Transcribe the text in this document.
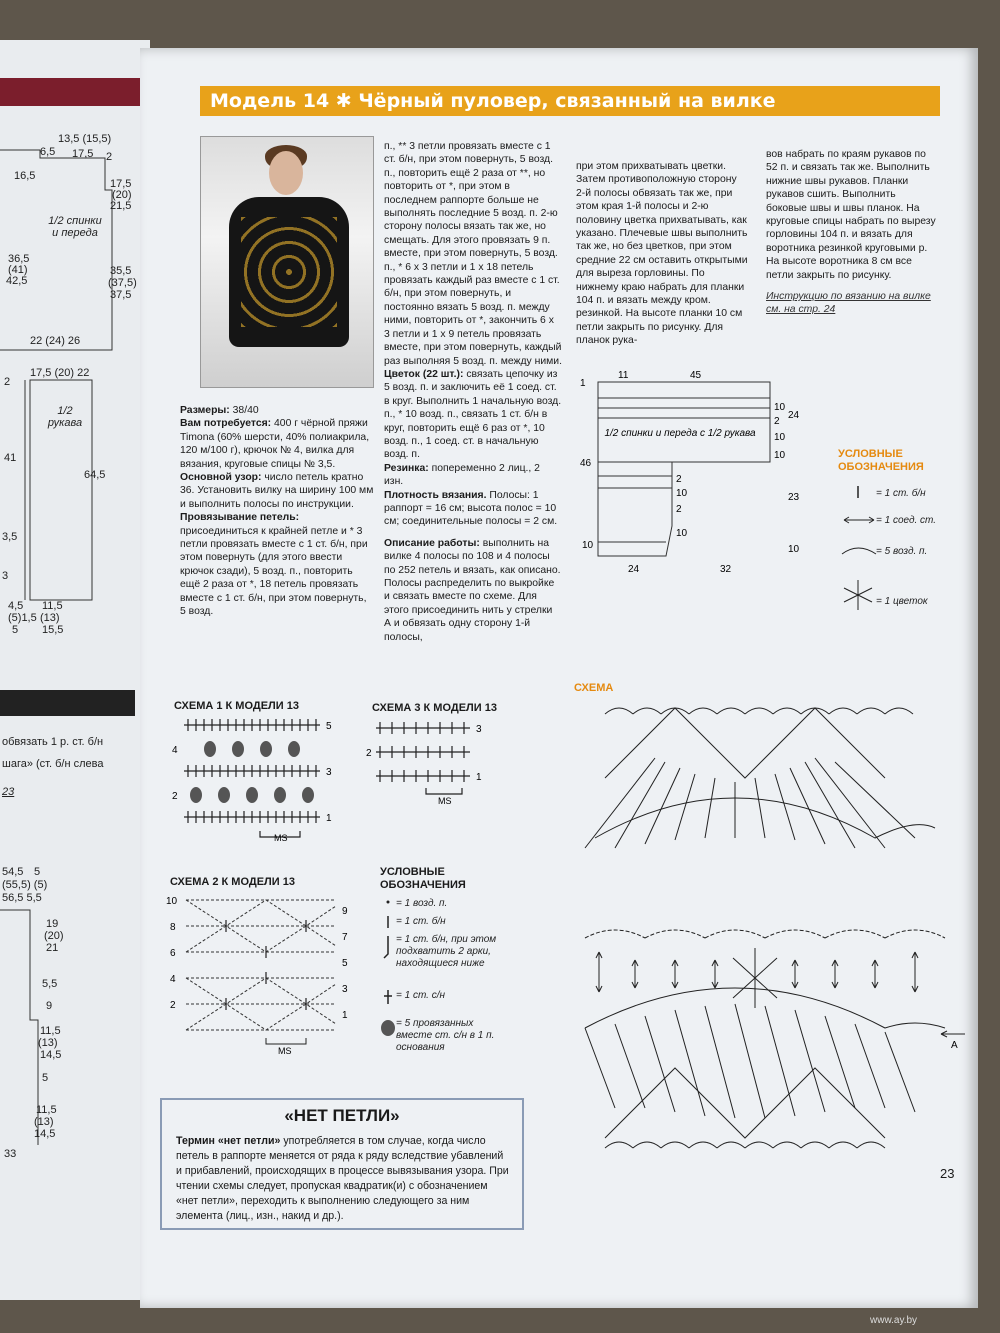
13,5 (15,5)
6,5 17,5 2
16,5
17,5
(20)
21,5
1/2 спинки и переда
36,5
(41)
42,5
35,5
(37,5)
37,5
22 (24) 26
17,5 (20) 22
2
1/2 рукава
41
64,5
3,5
3
4,5
(5)1,5
5
11,5
(13)
15,5
обвязать 1 р. ст. б/н
шага» (ст. б/н слева
23
54,5 5
(55,5) (5)
56,5 5,5
19
(20)
21
5,5
9
11,5
(13)
14,5
5
11,5
(13)
14,5
33
Модель 14 ✱ Чёрный пуловер, связанный на вилке

Размеры: 38/40

Вам потребуется: 400 г чёрной пряжи Timona (60% шерсти, 40% полиакрила, 120 м/100 г), крючок № 4, вилка для вязания, круговые спицы № 3,5.

Основной узор: число петель кратно 36. Установить вилку на ширину 100 мм и выполнить полосы по инструкции.

Провязывание петель: присоединиться к крайней петле и * 3 петли провязать вместе с 1 ст. б/н, при этом повернуть (для этого ввести крючок сзади), 5 возд. п., повторить ещё 2 раза от *, 18 петель провязать вместе с 1 ст. б/н, при этом повернуть, 5 возд.

п., ** 3 петли провязать вместе с 1 ст. б/н, при этом повернуть, 5 возд. п., повторить ещё 2 раза от **, но повторить от *, при этом в последнем раппорте больше не выполнять последние 5 возд. п. 2-ю сторону полосы вязать так же, но смещать. Для этого провязать 9 п. вместе, при этом повернуть, 5 возд. п., * 6 х 3 петли и 1 х 18 петель провязать каждый раз вместе с 1 ст. б/н, при этом повернуть, и постоянно вязать 5 возд. п. между ними, повторить от *, закончить 6 х 3 петли и 1 х 9 петель провязать вместе, при этом повернуть, каждый раз выполняя 5 возд. п. между ними.

Цветок (22 шт.): связать цепочку из 5 возд. п. и заключить её 1 соед. ст. в круг. Выполнить 1 начальную возд. п., * 10 возд. п., связать 1 ст. б/н в круг, повторить ещё 6 раз от *, 10 возд. п., 1 соед. ст. в начальную возд. п.

Резинка: попеременно 2 лиц., 2 изн.

Плотность вязания. Полосы: 1 раппорт = 16 см; высота полос = 10 см; соединительные полосы = 2 см.

Описание работы: выполнить на вилке 4 полосы по 108 и 4 полосы по 252 петель и вязать, как описано. Полосы распределить по выкройке и связать вместе по схеме. Для этого присоединить нить у стрелки А и обвязать одну сторону 1-й полосы,

при этом прихватывать цветки. Затем противоположную сторону 2-й полосы обвязать так же, при этом края 1-й полосы и 2-ю половину цветка прихватывать, как указано. Плечевые швы выполнить так же, но без цветков, при этом средние 22 см оставить открытыми для выреза горловины. По нижнему краю набрать для планки 104 п. и вязать между кром. резинкой. На высоте планки 10 см петли закрыть по рисунку. Для планок рука-

вов набрать по краям рукавов по 52 п. и связать так же. Выполнить нижние швы рукавов. Планки рукавов сшить. Выполнить боковые швы и швы планок. На круговые спицы набрать по вырезу горловины 104 п. и вязать для воротника резинкой круговыми р. На высоте воротника 8 см все петли закрыть по рисунку.

Инструкцию по вязанию на вилке см. на стр. 24

1/2 спинки и переда с 1/2 рукава
11	45
1
46
10
24	32
10
2
10
10
2
10
2
10
24
23
10
УСЛОВНЫЕ ОБОЗНАЧЕНИЯ
= 1 ст. б/н
= 1 соед. ст.
= 5 возд. п.
= 1 цветок
СХЕМА 1 К МОДЕЛИ 13
5
4
3
2
1
MS
СХЕМА 3 К МОДЕЛИ 13
3
2
1
MS
СХЕМА 2 К МОДЕЛИ 13
10
8
6
4
2
9
7
5
3
1
MS
УСЛОВНЫЕ ОБОЗНАЧЕНИЯ
= 1 возд. п.
= 1 ст. б/н
= 1 ст. б/н, при этом подхватить 2 арки, находящиеся ниже
= 1 ст. с/н
= 5 провязанных вместе ст. с/н в 1 п. основания
СХЕМА
A
«НЕТ ПЕТЛИ»
Термин «нет петли» употребляется в том случае, когда число петель в раппорте меняется от ряда к ряду вследствие убавлений и прибавлений, происходящих в процессе вывязывания узора. При чтении схемы следует, пропуская квадратик(и) с обозначением «нет петли», переходить к выполнению следующего за ним элемента (лиц., изн., накид и др.).
23
www.ay.by
